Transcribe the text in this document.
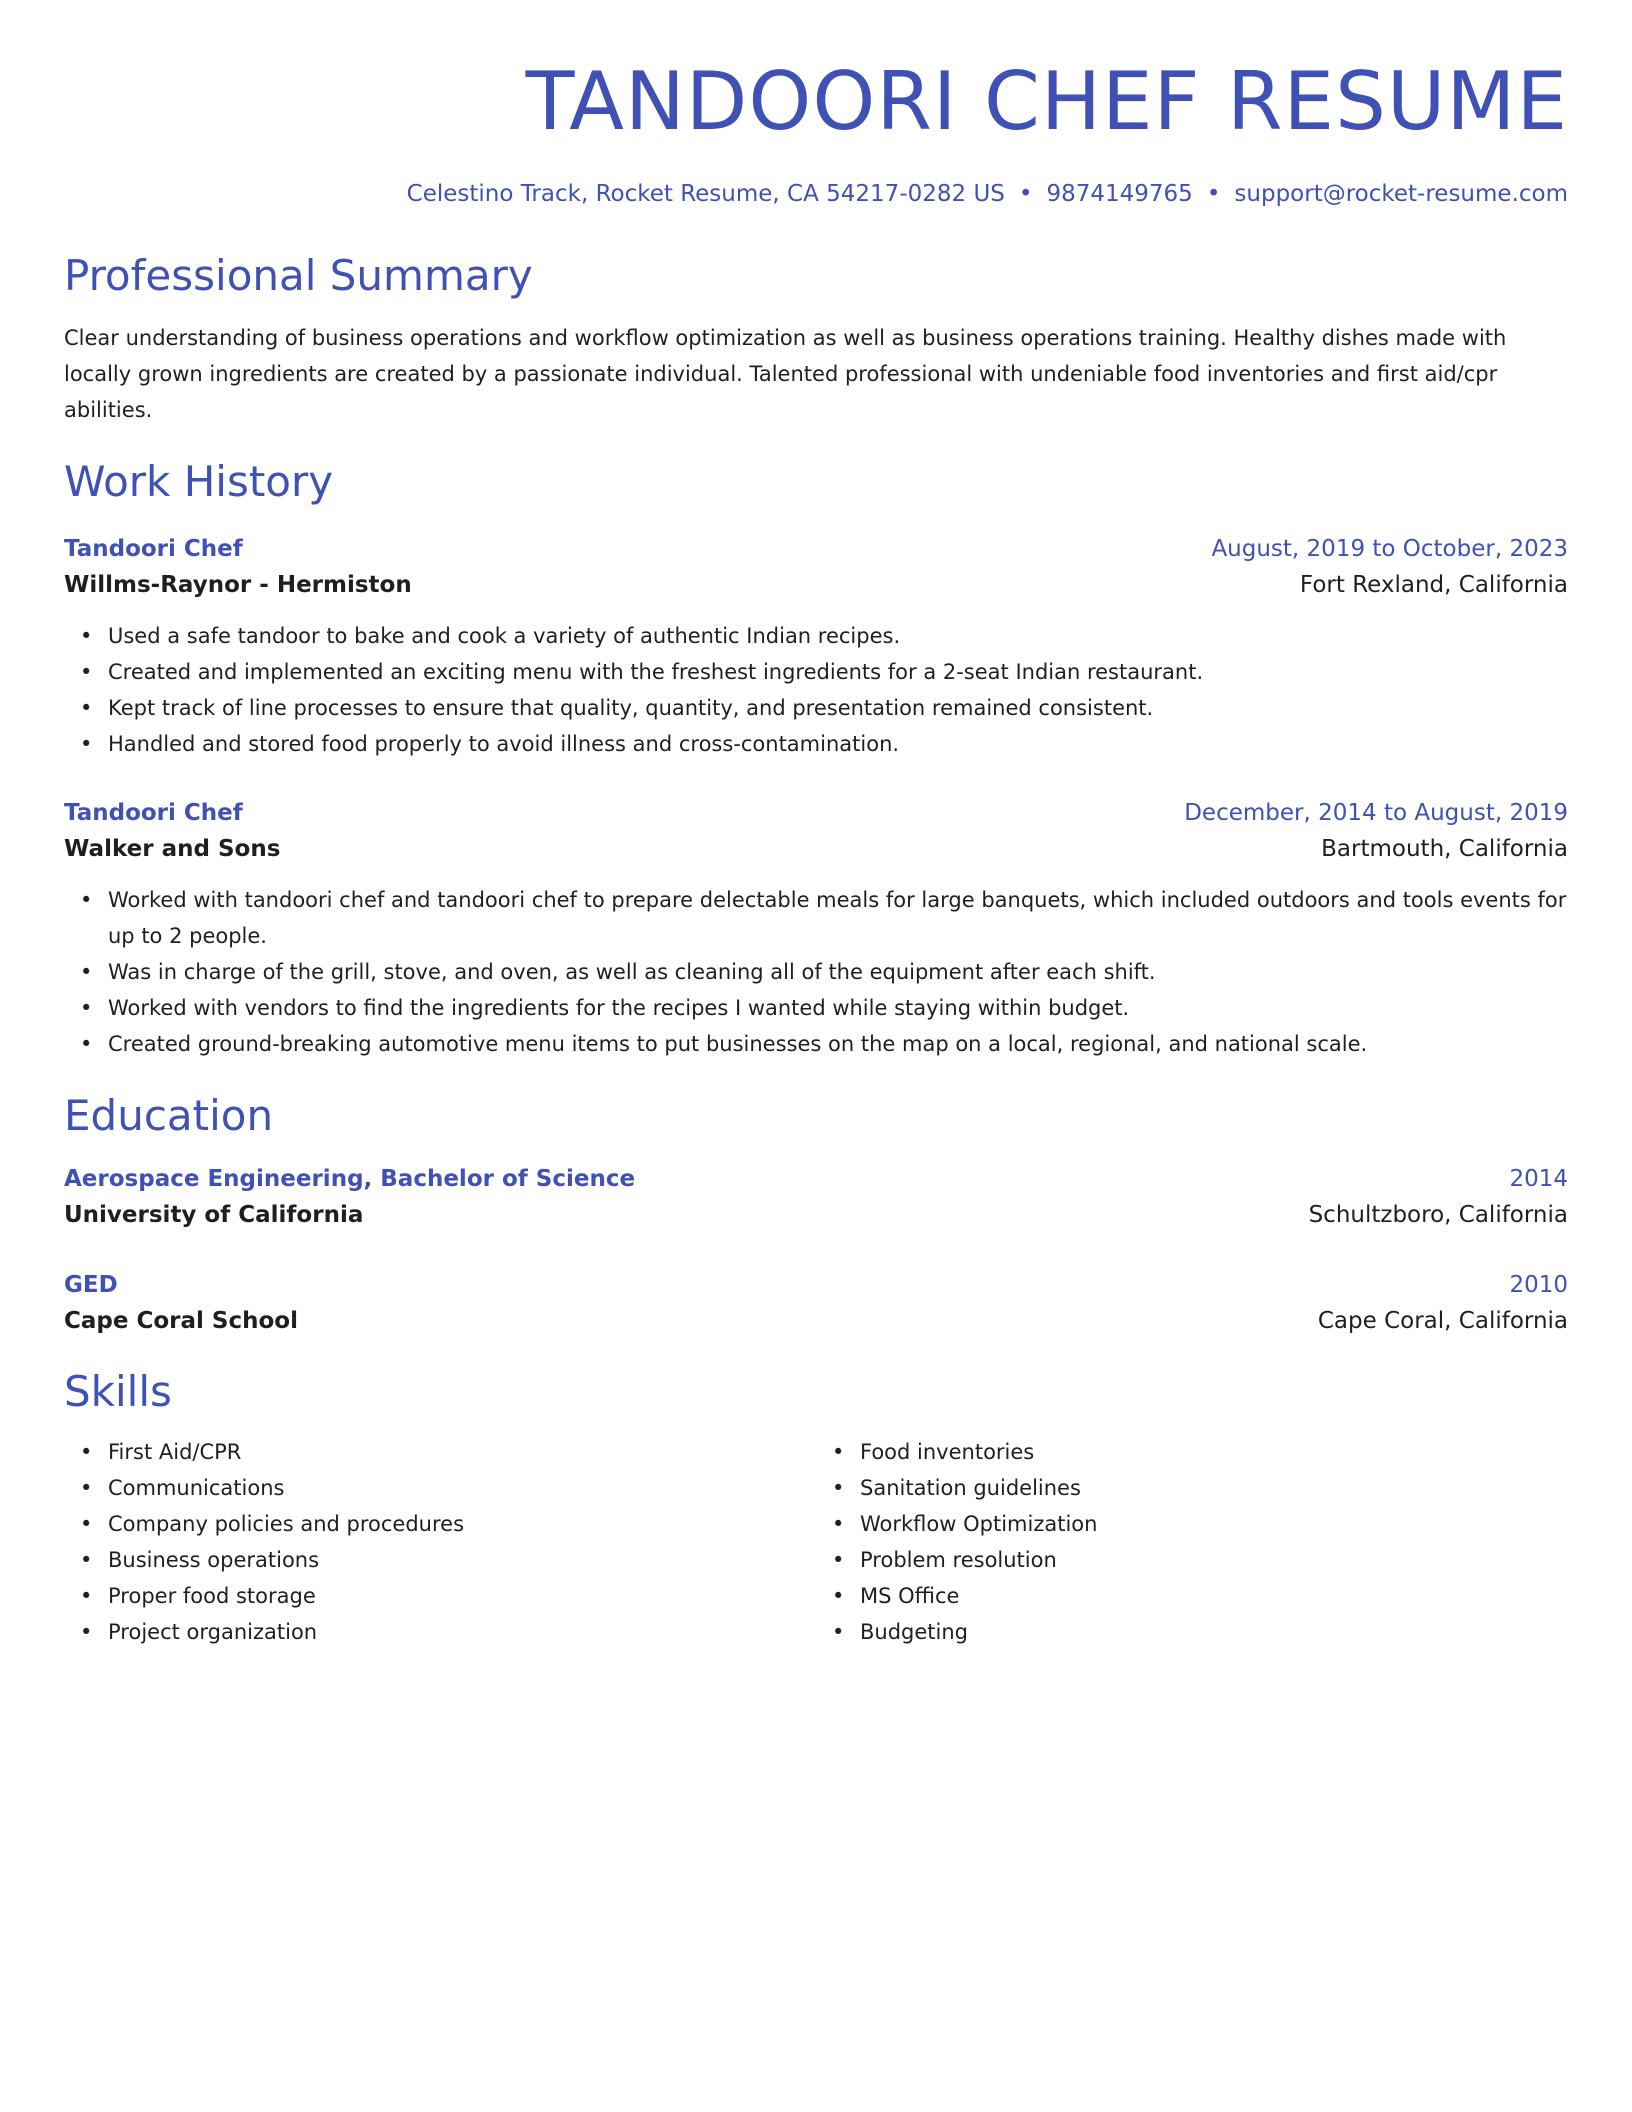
TANDOORI CHEF RESUME
Celestino Track, Rocket Resume, CA 54217-0282 US • 9874149765 • support@rocket-resume.com
Professional Summary
Clear understanding of business operations and workflow optimization as well as business operations training. Healthy dishes made with locally grown ingredients are created by a passionate individual. Talented professional with undeniable food inventories and first aid/cpr abilities.
Work History
Tandoori Chef	August, 2019 to October, 2023
Willms-Raynor - Hermiston	Fort Rexland, California
• Used a safe tandoor to bake and cook a variety of authentic Indian recipes.
• Created and implemented an exciting menu with the freshest ingredients for a 2-seat Indian restaurant.
• Kept track of line processes to ensure that quality, quantity, and presentation remained consistent.
• Handled and stored food properly to avoid illness and cross-contamination.
Tandoori Chef	December, 2014 to August, 2019
Walker and Sons	Bartmouth, California
• Worked with tandoori chef and tandoori chef to prepare delectable meals for large banquets, which included outdoors and tools events for up to 2 people.
• Was in charge of the grill, stove, and oven, as well as cleaning all of the equipment after each shift.
• Worked with vendors to find the ingredients for the recipes I wanted while staying within budget.
• Created ground-breaking automotive menu items to put businesses on the map on a local, regional, and national scale.
Education
Aerospace Engineering, Bachelor of Science	2014
University of California	Schultzboro, California
GED	2010
Cape Coral School	Cape Coral, California
Skills
• First Aid/CPR
• Communications
• Company policies and procedures
• Business operations
• Proper food storage
• Project organization
• Food inventories
• Sanitation guidelines
• Workflow Optimization
• Problem resolution
• MS Office
• Budgeting
